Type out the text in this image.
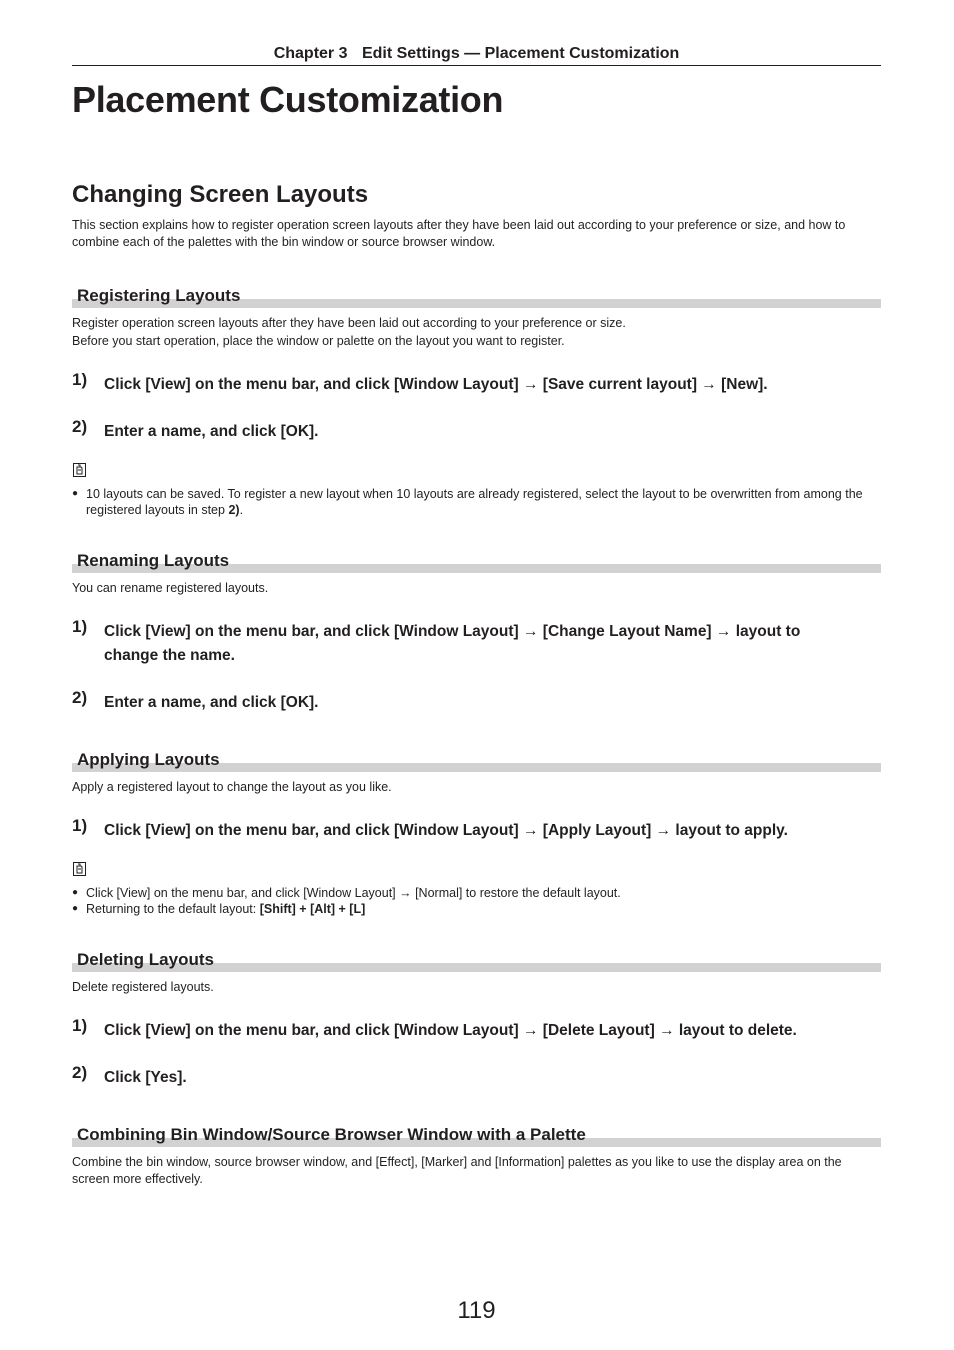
Chapter 3 Edit Settings — Placement Customization
Placement Customization
Changing Screen Layouts

This section explains how to register operation screen layouts after they have been laid out according to your preference or size, and how to combine each of the palettes with the bin window or source browser window.

Registering Layouts

Register operation screen layouts after they have been laid out according to your preference or size.

Before you start operation, place the window or palette on the layout you want to register.

1) Click [View] on the menu bar, and click [Window Layout] → [Save current layout] → [New].
2) Enter a name, and click [OK].
● 10 layouts can be saved. To register a new layout when 10 layouts are already registered, select the layout to be overwritten from among the registered layouts in step 2).
Renaming Layouts

You can rename registered layouts.

1) Click [View] on the menu bar, and click [Window Layout] → [Change Layout Name] → layout to change the name.
2) Enter a name, and click [OK].
Applying Layouts

Apply a registered layout to change the layout as you like.

1) Click [View] on the menu bar, and click [Window Layout] → [Apply Layout] → layout to apply.
● Click [View] on the menu bar, and click [Window Layout] → [Normal] to restore the default layout.
● Returning to the default layout: [Shift] + [Alt] + [L]
Deleting Layouts

Delete registered layouts.

1) Click [View] on the menu bar, and click [Window Layout] → [Delete Layout] → layout to delete.
2) Click [Yes].
Combining Bin Window/Source Browser Window with a Palette

Combine the bin window, source browser window, and [Effect], [Marker] and [Information] palettes as you like to use the display area on the screen more effectively.

119
